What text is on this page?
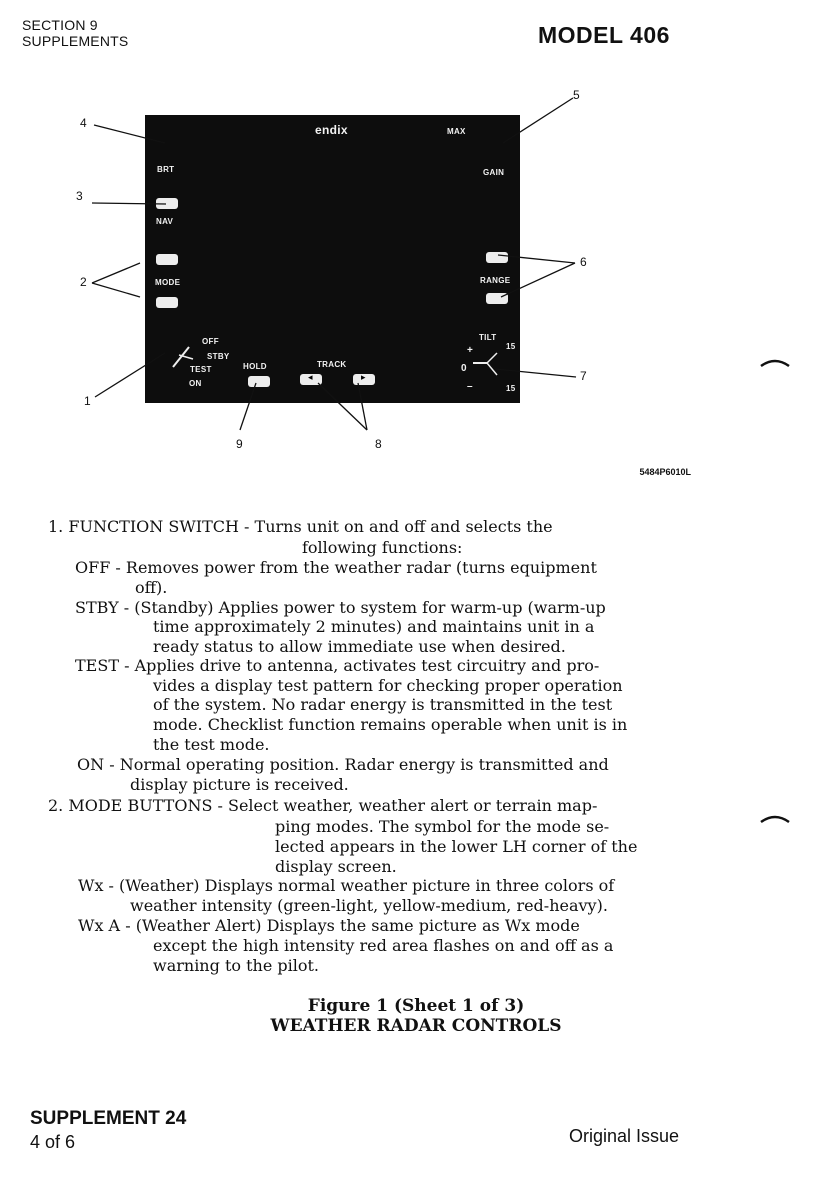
SECTION 9
SUPPLEMENTS	MODEL 406
endix	MAX
BRT	GAIN
NAV
MODE	RANGE
OFF
STBY
TEST
ON
HOLD	TRACK
◂	▸
TILT
+	15
0
–	15
4
3
2
1
5
6
7
8
9
5484P6010L
1. FUNCTION SWITCH - Turns unit on and off and selects the
following functions:
OFF - Removes power from the weather radar (turns equipment
off).
STBY - (Standby) Applies power to system for warm-up (warm-up
time approximately 2 minutes) and maintains unit in a
ready status to allow immediate use when desired.
TEST - Applies drive to antenna, activates test circuitry and pro-
vides a display test pattern for checking proper operation
of the system. No radar energy is transmitted in the test
mode. Checklist function remains operable when unit is in
the test mode.
ON - Normal operating position. Radar energy is transmitted and
display picture is received.
2. MODE BUTTONS - Select weather, weather alert or terrain map-
ping modes. The symbol for the mode se-
lected appears in the lower LH corner of the
display screen.
Wx - (Weather) Displays normal weather picture in three colors of
weather intensity (green-light, yellow-medium, red-heavy).
Wx A - (Weather Alert) Displays the same picture as Wx mode
except the high intensity red area flashes on and off as a
warning to the pilot.
Figure 1 (Sheet 1 of 3)
WEATHER RADAR CONTROLS
SUPPLEMENT 24
4 of 6	Original Issue
